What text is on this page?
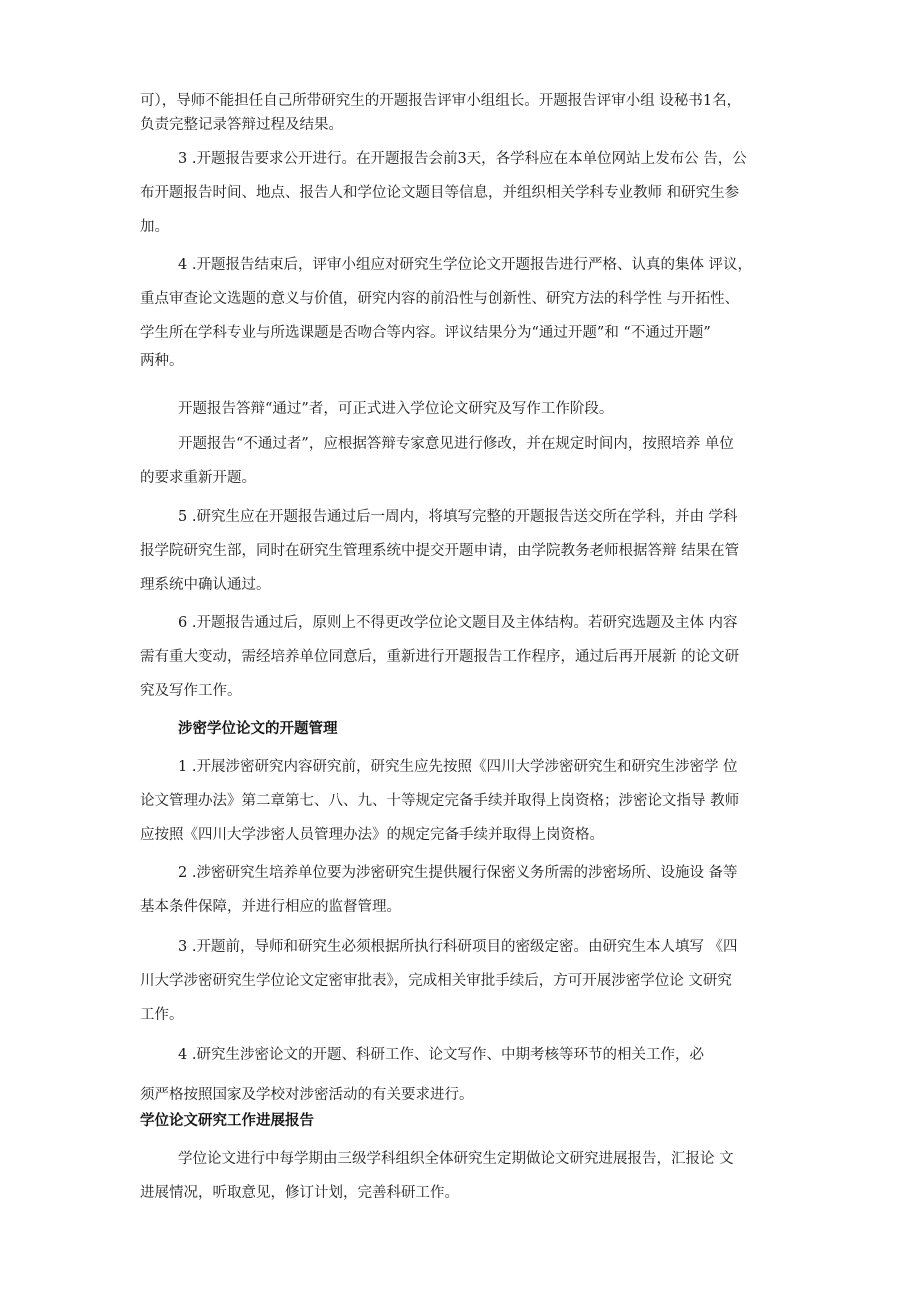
可），导师不能担任自己所带研究生的开题报告评审小组组长。开题报告评审小组 设秘书1名，
负责完整记录答辩过程及结果。

3 .开题报告要求公开进行。在开题报告会前3天，各学科应在本单位网站上发布公 告，公
布开题报告时间、地点、报告人和学位论文题目等信息，并组织相关学科专业教师 和研究生参
加。

4 .开题报告结束后，评审小组应对研究生学位论文开题报告进行严格、认真的集体 评议，
重点审查论文选题的意义与价值，研究内容的前沿性与创新性、研究方法的科学性 与开拓性、
学生所在学科专业与所选课题是否吻合等内容。评议结果分为“通过开题”和 “不通过开题”
两种。

开题报告答辩“通过”者，可正式进入学位论文研究及写作工作阶段。

开题报告“不通过者”，应根据答辩专家意见进行修改，并在规定时间内，按照培养 单位
的要求重新开题。

5 .研究生应在开题报告通过后一周内，将填写完整的开题报告送交所在学科，并由 学科
报学院研究生部，同时在研究生管理系统中提交开题申请，由学院教务老师根据答辩 结果在管
理系统中确认通过。

6 .开题报告通过后，原则上不得更改学位论文题目及主体结构。若研究选题及主体 内容
需有重大变动，需经培养单位同意后，重新进行开题报告工作程序，通过后再开展新 的论文研
究及写作工作。

涉密学位论文的开题管理

1 .开展涉密研究内容研究前，研究生应先按照《四川大学涉密研究生和研究生涉密学 位
论文管理办法》第二章第七、八、九、十等规定完备手续并取得上岗资格；涉密论文指导 教师
应按照《四川大学涉密人员管理办法》的规定完备手续并取得上岗资格。

2 .涉密研究生培养单位要为涉密研究生提供履行保密义务所需的涉密场所、设施设 备等
基本条件保障，并进行相应的监督管理。

3 .开题前，导师和研究生必须根据所执行科研项目的密级定密。由研究生本人填写 《四
川大学涉密研究生学位论文定密审批表》，完成相关审批手续后，方可开展涉密学位论 文研究
工作。

4 .研究生涉密论文的开题、科研工作、论文写作、中期考核等环节的相关工作，必
须严格按照国家及学校对涉密活动的有关要求进行。

学位论文研究工作进展报告

学位论文进行中每学期由三级学科组织全体研究生定期做论文研究进展报告，汇报论 文
进展情况，听取意见，修订计划，完善科研工作。
